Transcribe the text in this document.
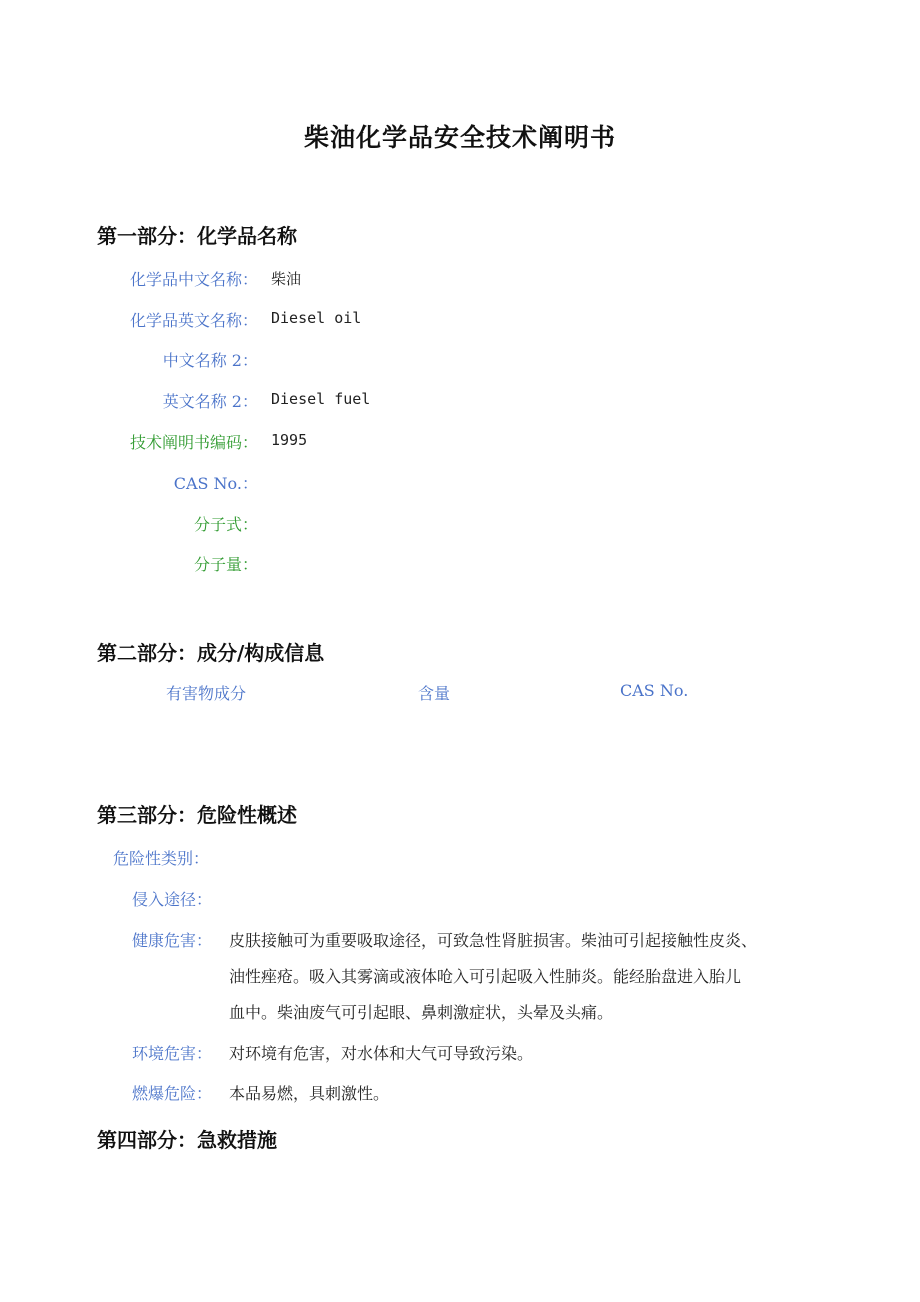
柴油化学品安全技术阐明书
第一部分：化学品名称
化学品中文名称： 柴油
化学品英文名称： Diesel oil
中文名称 2：
英文名称 2： Diesel fuel
技术阐明书编码： 1995
CAS No.：
分子式：
分子量：
第二部分：成分/构成信息
有害物成分	含量	CAS No.
第三部分：危险性概述
危险性类别：
侵入途径：
健康危害： 皮肤接触可为重要吸取途径，可致急性肾脏损害。柴油可引起接触性皮炎、
油性痤疮。吸入其雾滴或液体呛入可引起吸入性肺炎。能经胎盘进入胎儿
血中。柴油废气可引起眼、鼻刺激症状，头晕及头痛。
环境危害： 对环境有危害，对水体和大气可导致污染。
燃爆危险： 本品易燃，具刺激性。
第四部分：急救措施
